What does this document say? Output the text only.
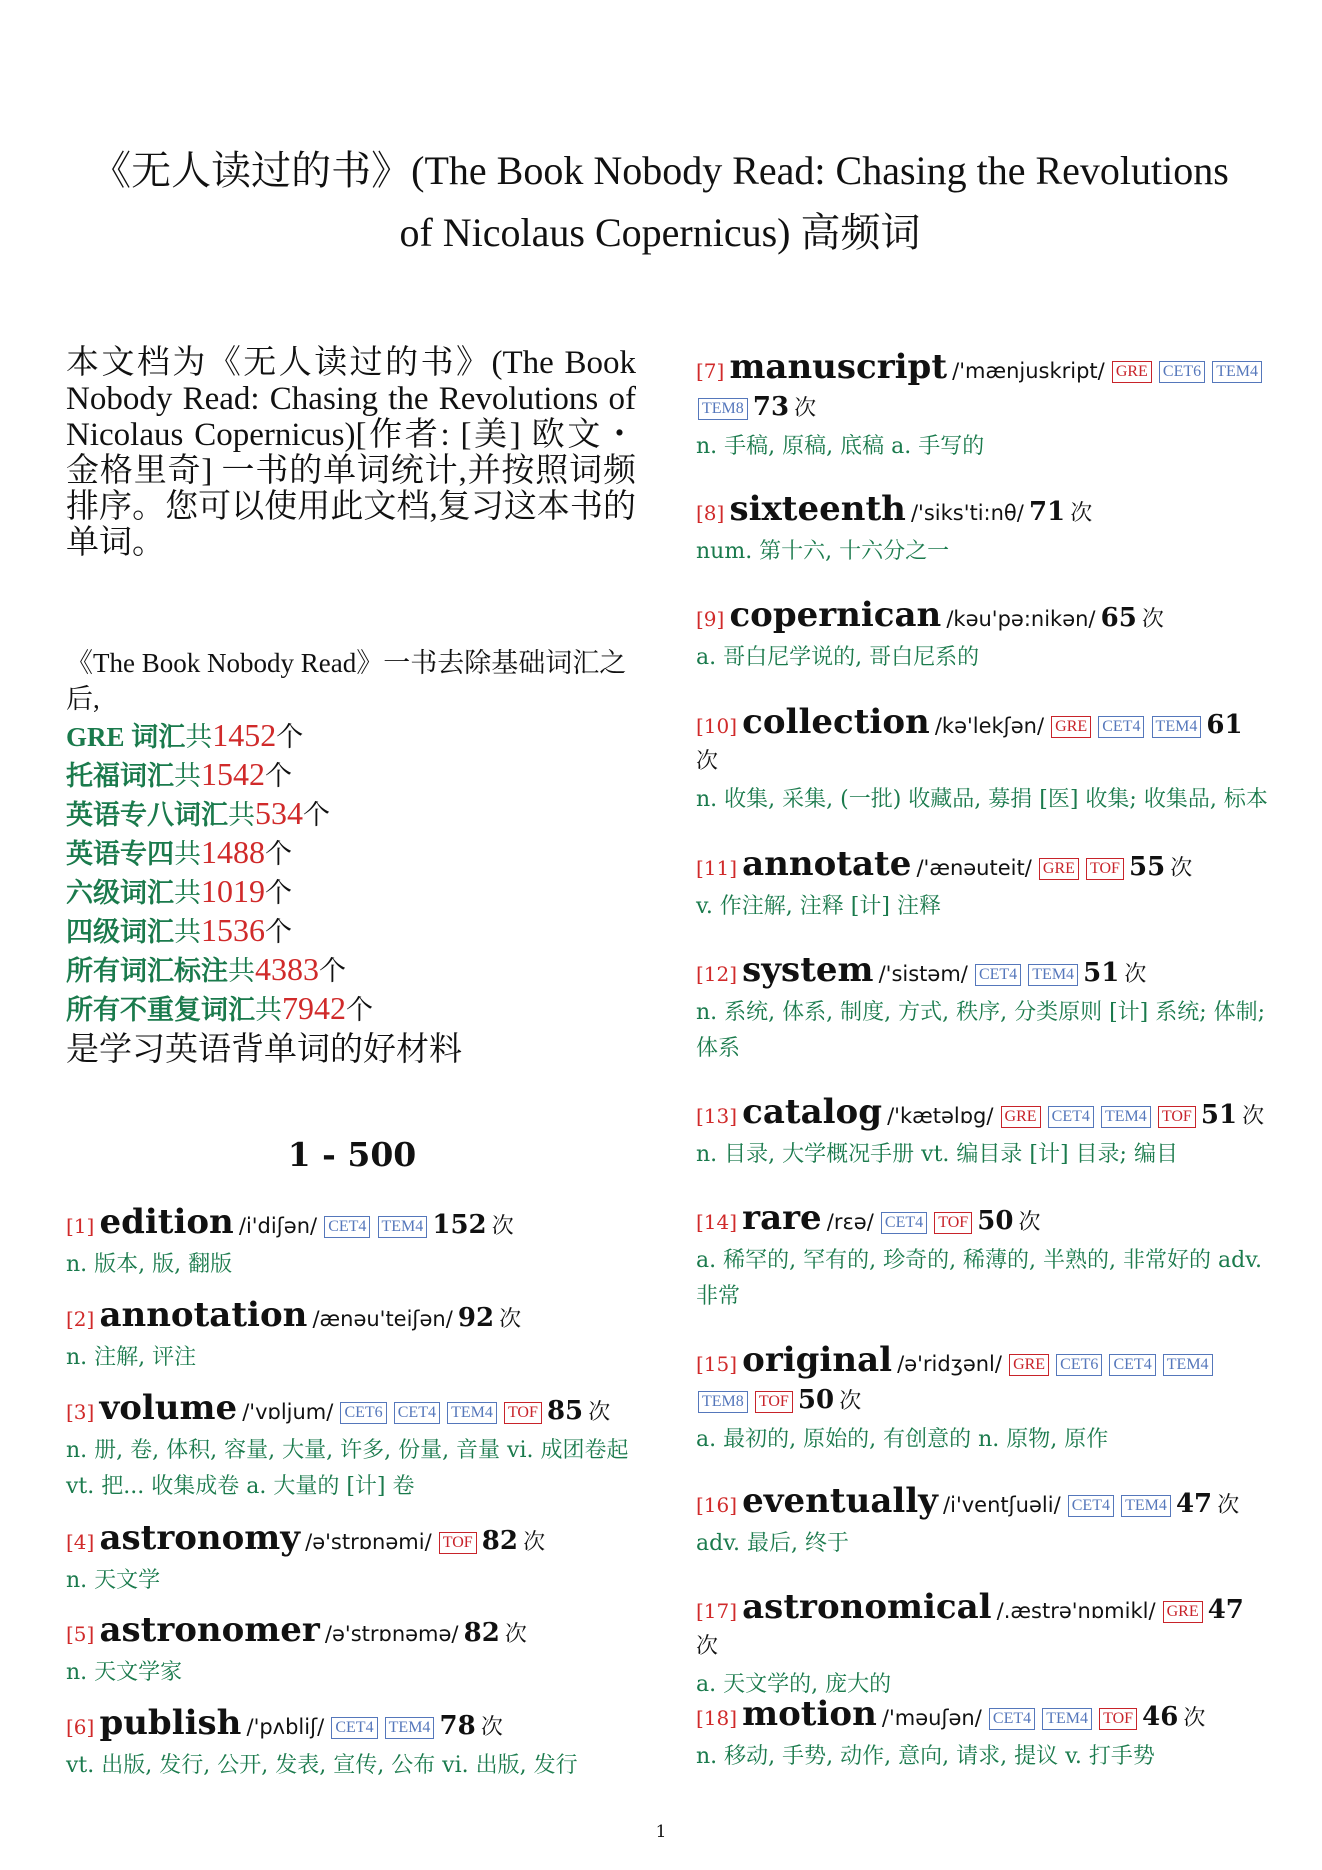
《无人读过的书》(The Book Nobody Read: Chasing the Revolutions
of Nicolaus Copernicus) 高频词
本文档为《无人读过的书》(The Book Nobody Read: Chasing the Revolutions of Nicolaus Copernicus)[作者: [美] 欧文・金格里奇] 一书的单词统计,并按照词频排序。您可以使用此文档,复习这本书的单词。
《The Book Nobody Read》一书去除基础词汇之后,
GRE 词汇共1452个
托福词汇共1542个
英语专八词汇共534个
英语专四共1488个
六级词汇共1019个
四级词汇共1536个
所有词汇标注共4383个
所有不重复词汇共7942个
是学习英语背单词的好材料
1 - 500
[1] edition /i'diʃən/ CET4 TEM4 152 次
n. 版本, 版, 翻版
[2] annotation /ænəu'teiʃən/ 92 次
n. 注解, 评注
[3] volume /'vɒljum/ CET6 CET4 TEM4 TOF 85 次
n. 册, 卷, 体积, 容量, 大量, 许多, 份量, 音量 vi. 成团卷起 vt. 把... 收集成卷 a. 大量的 [计] 卷
[4] astronomy /ə'strɒnəmi/ TOF 82 次
n. 天文学
[5] astronomer /ə'strɒnəmə/ 82 次
n. 天文学家
[6] publish /'pʌbliʃ/ CET4 TEM4 78 次
vt. 出版, 发行, 公开, 发表, 宣传, 公布 vi. 出版, 发行
[7] manuscript /'mænjuskript/ GRE CET6 TEM4 TEM8 73 次
n. 手稿, 原稿, 底稿 a. 手写的
[8] sixteenth /'siks'ti:nθ/ 71 次
num. 第十六, 十六分之一
[9] copernican /kəu'pə:nikən/ 65 次
a. 哥白尼学说的, 哥白尼系的
[10] collection /kə'lekʃən/ GRE CET4 TEM4 61 次
n. 收集, 采集, (一批) 收藏品, 募捐 [医] 收集; 收集品, 标本
[11] annotate /'ænəuteit/ GRE TOF 55 次
v. 作注解, 注释 [计] 注释
[12] system /'sistəm/ CET4 TEM4 51 次
n. 系统, 体系, 制度, 方式, 秩序, 分类原则 [计] 系统; 体制; 体系
[13] catalog /'kætəlɒg/ GRE CET4 TEM4 TOF 51 次
n. 目录, 大学概况手册 vt. 编目录 [计] 目录; 编目
[14] rare /rεə/ CET4 TOF 50 次
a. 稀罕的, 罕有的, 珍奇的, 稀薄的, 半熟的, 非常好的 adv. 非常
[15] original /ə'ridʒənl/ GRE CET6 CET4 TEM4 TEM8 TOF 50 次
a. 最初的, 原始的, 有创意的 n. 原物, 原作
[16] eventually /i'ventʃuəli/ CET4 TEM4 47 次
adv. 最后, 终于
[17] astronomical /.æstrə'nɒmikl/ GRE 47 次
a. 天文学的, 庞大的
[18] motion /'məuʃən/ CET4 TEM4 TOF 46 次
n. 移动, 手势, 动作, 意向, 请求, 提议 v. 打手势
1
